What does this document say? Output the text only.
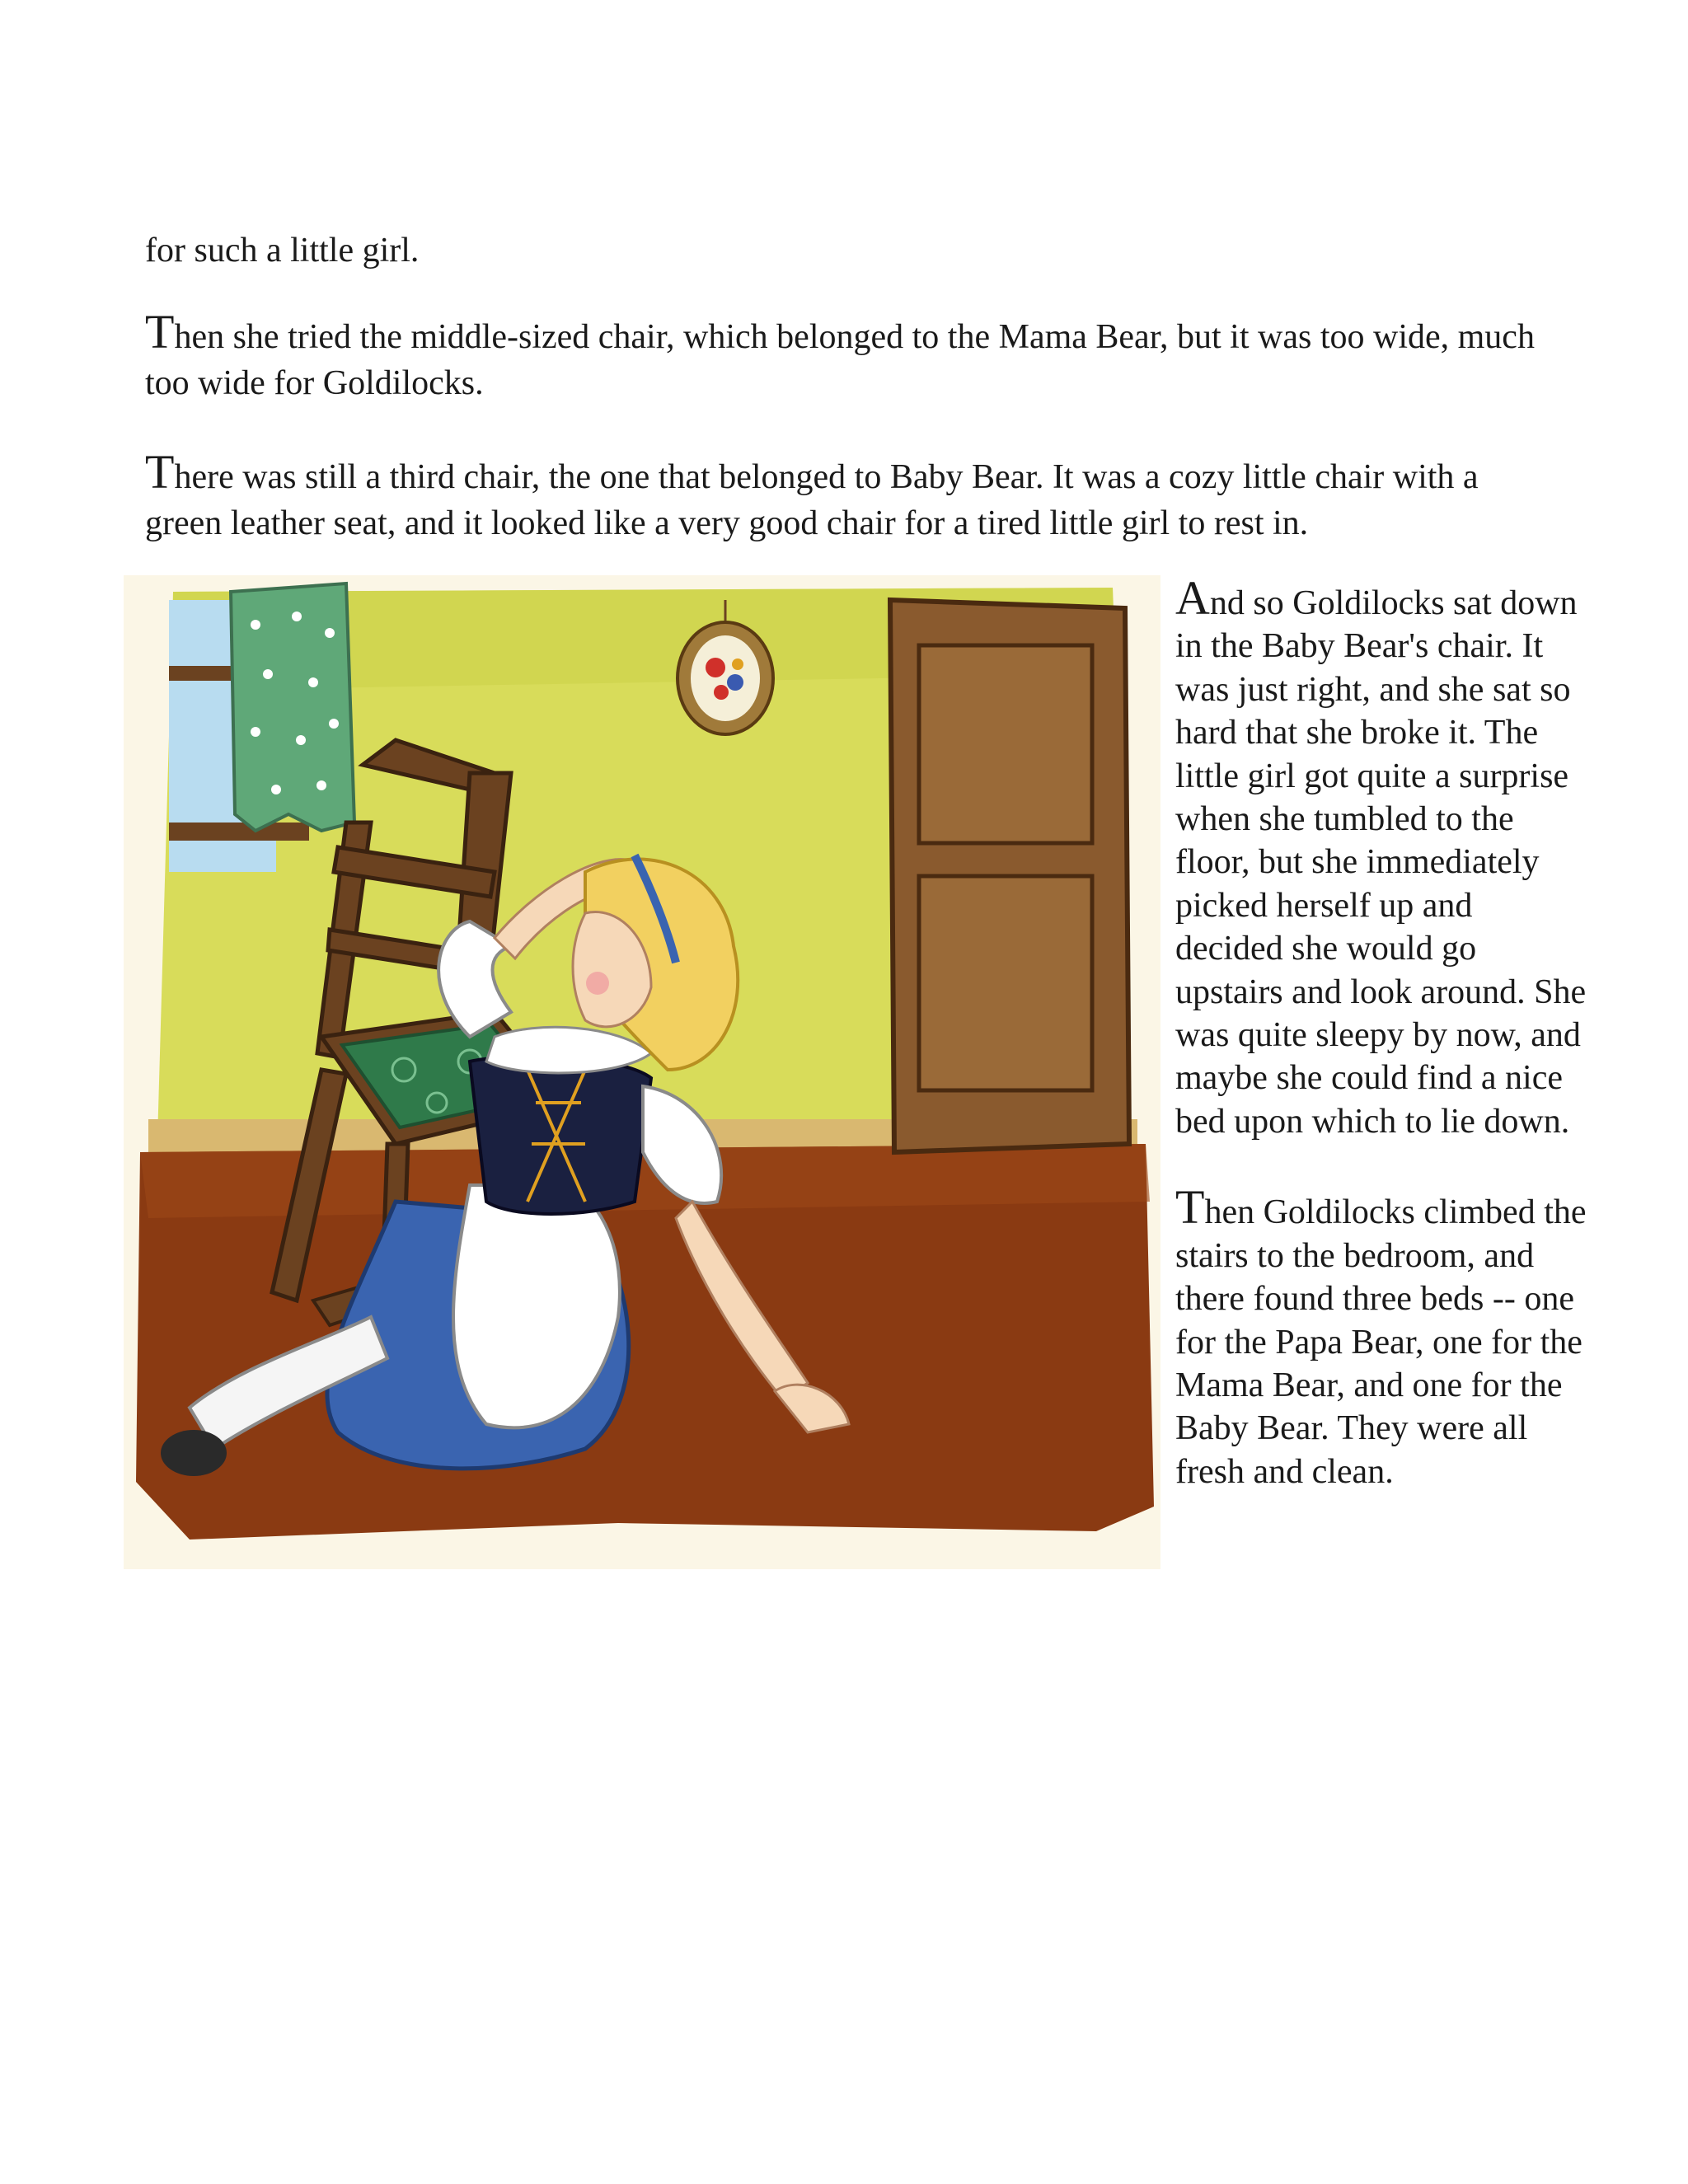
for such a little girl.

Then she tried the middle-sized chair, which belonged to the Mama Bear, but it was too wide, much too wide for Goldilocks.

There was still a third chair, the one that belonged to Baby Bear. It was a cozy little chair with a green leather seat, and it looked like a very good chair for a tired little girl to rest in.

And so Goldilocks sat down in the Baby Bear's chair. It was just right, and she sat so hard that she broke it. The little girl got quite a surprise when she tumbled to the floor, but she immediately picked herself up and decided she would go upstairs and look around. She was quite sleepy by now, and maybe she could find a nice bed upon which to lie down.

Then Goldilocks climbed the stairs to the bedroom, and there found three beds -- one for the Papa Bear, one for the Mama Bear, and one for the Baby Bear. They were all fresh and clean.
